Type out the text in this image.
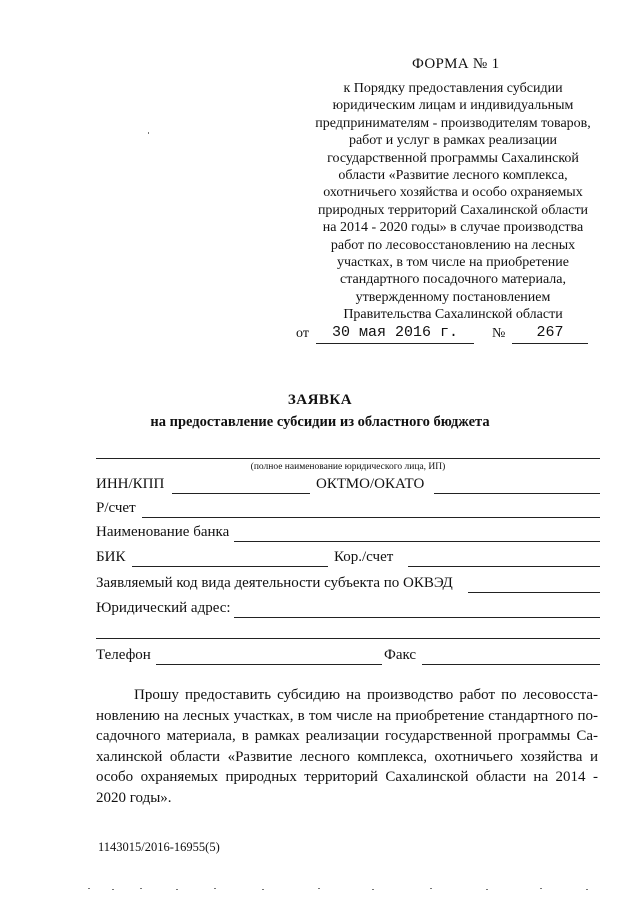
ФОРМА № 1
к Порядку предоставления субсидии
юридическим лицам и индивидуальным
предпринимателям - производителям товаров,
работ и услуг в рамках реализации
государственной программы Сахалинской
области «Развитие лесного комплекса,
охотничьего хозяйства и особо охраняемых
природных территорий Сахалинской области
на 2014 - 2020 годы» в случае производства
работ по лесовосстановлению на лесных
участках, в том числе на приобретение
стандартного посадочного материала,
утвержденному постановлением
Правительства Сахалинской области
от	30 мая 2016 г.	№	267
ЗАЯВКА
на предоставление субсидии из областного бюджета
(полное наименование юридического лица, ИП)
ИНН/КПП	ОКТМО/ОКАТО
Р/счет
Наименование банка
БИК	Кор./счет
Заявляемый код вида деятельности субъекта по ОКВЭД
Юридический адрес:
Телефон	Факс
Прошу предоставить субсидию на производство работ по лесовосста-
новлению на лесных участках, в том числе на приобретение стандартного по-
садочного материала, в рамках реализации государственной программы Са-
халинской области «Развитие лесного комплекса, охотничьего хозяйства и
особо охраняемых природных территорий Сахалинской области на 2014 -
2020 годы».
1143015/2016-16955(5)
